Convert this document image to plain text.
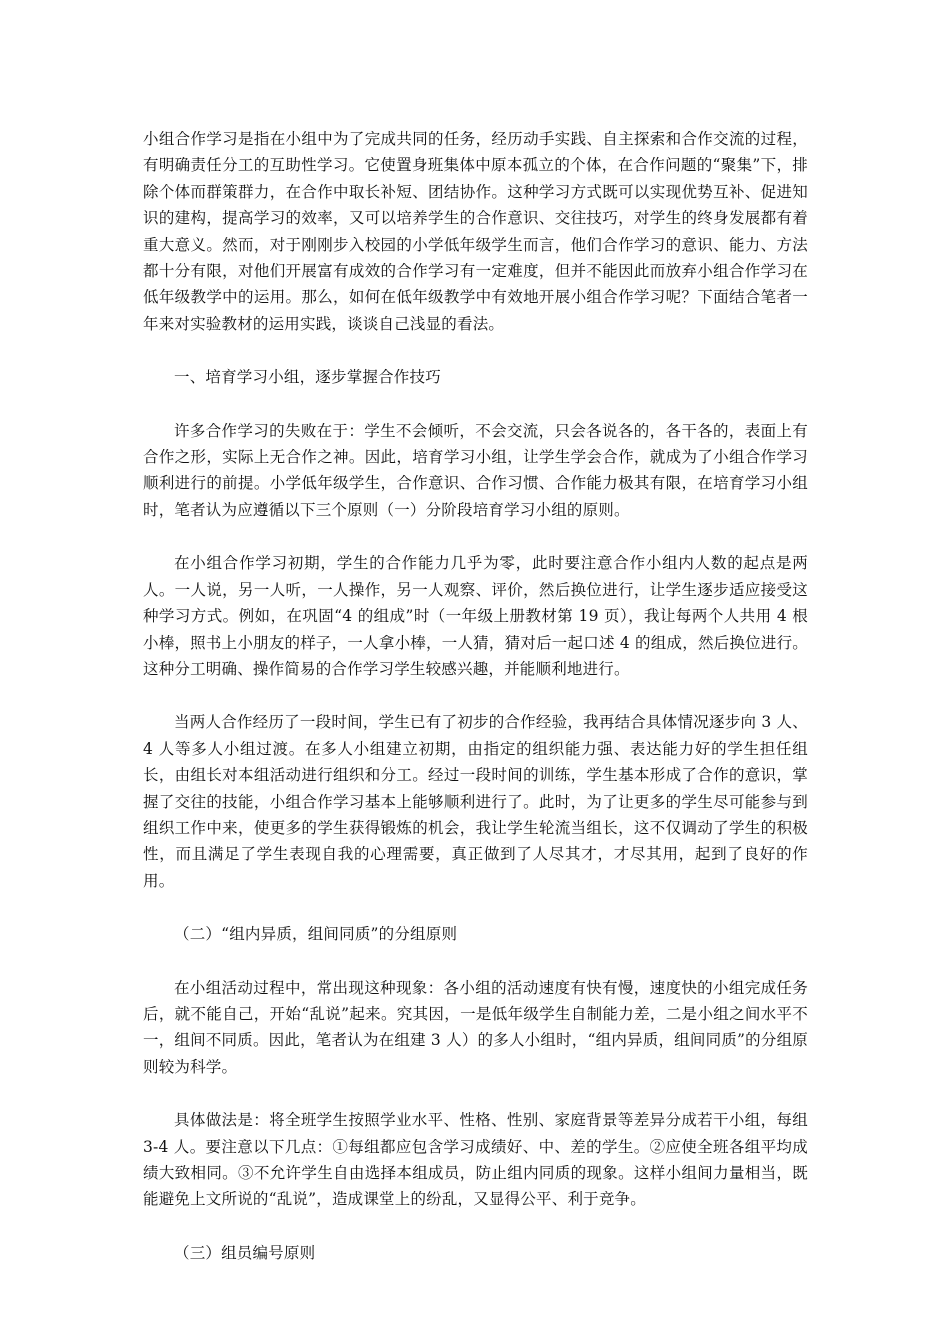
小组合作学习是指在小组中为了完成共同的任务，经历动手实践、自主探索和合作交流的过程，有明确责任分工的互助性学习。它使置身班集体中原本孤立的个体，在合作问题的“聚集”下，排除个体而群策群力，在合作中取长补短、团结协作。这种学习方式既可以实现优势互补、促进知识的建构，提高学习的效率，又可以培养学生的合作意识、交往技巧，对学生的终身发展都有着重大意义。然而，对于刚刚步入校园的小学低年级学生而言，他们合作学习的意识、能力、方法都十分有限，对他们开展富有成效的合作学习有一定难度，但并不能因此而放弃小组合作学习在低年级教学中的运用。那么，如何在低年级教学中有效地开展小组合作学习呢？下面结合笔者一年来对实验教材的运用实践，谈谈自己浅显的看法。

一、培育学习小组，逐步掌握合作技巧

许多合作学习的失败在于：学生不会倾听，不会交流，只会各说各的，各干各的，表面上有合作之形，实际上无合作之神。因此，培育学习小组，让学生学会合作，就成为了小组合作学习顺利进行的前提。小学低年级学生，合作意识、合作习惯、合作能力极其有限，在培育学习小组时，笔者认为应遵循以下三个原则（一）分阶段培育学习小组的原则。

在小组合作学习初期，学生的合作能力几乎为零，此时要注意合作小组内人数的起点是两人。一人说，另一人听，一人操作，另一人观察、评价，然后换位进行，让学生逐步适应接受这种学习方式。例如，在巩固“4 的组成”时（一年级上册教材第 19 页），我让每两个人共用 4 根小棒，照书上小朋友的样子，一人拿小棒，一人猜，猜对后一起口述 4 的组成，然后换位进行。这种分工明确、操作简易的合作学习学生较感兴趣，并能顺利地进行。

当两人合作经历了一段时间，学生已有了初步的合作经验，我再结合具体情况逐步向 3 人、4 人等多人小组过渡。在多人小组建立初期，由指定的组织能力强、表达能力好的学生担任组长，由组长对本组活动进行组织和分工。经过一段时间的训练，学生基本形成了合作的意识，掌握了交往的技能，小组合作学习基本上能够顺利进行了。此时，为了让更多的学生尽可能参与到组织工作中来，使更多的学生获得锻炼的机会，我让学生轮流当组长，这不仅调动了学生的积极性，而且满足了学生表现自我的心理需要，真正做到了人尽其才，才尽其用，起到了良好的作用。

（二）“组内异质，组间同质”的分组原则

在小组活动过程中，常出现这种现象：各小组的活动速度有快有慢，速度快的小组完成任务后，就不能自己，开始“乱说”起来。究其因，一是低年级学生自制能力差，二是小组之间水平不一，组间不同质。因此，笔者认为在组建 3 人）的多人小组时，“组内异质，组间同质”的分组原则较为科学。

具体做法是：将全班学生按照学业水平、性格、性别、家庭背景等差异分成若干小组，每组 3-4 人。要注意以下几点：①每组都应包含学习成绩好、中、差的学生。②应使全班各组平均成绩大致相同。③不允许学生自由选择本组成员，防止组内同质的现象。这样小组间力量相当，既能避免上文所说的“乱说”，造成课堂上的纷乱，又显得公平、利于竞争。

（三）组员编号原则
